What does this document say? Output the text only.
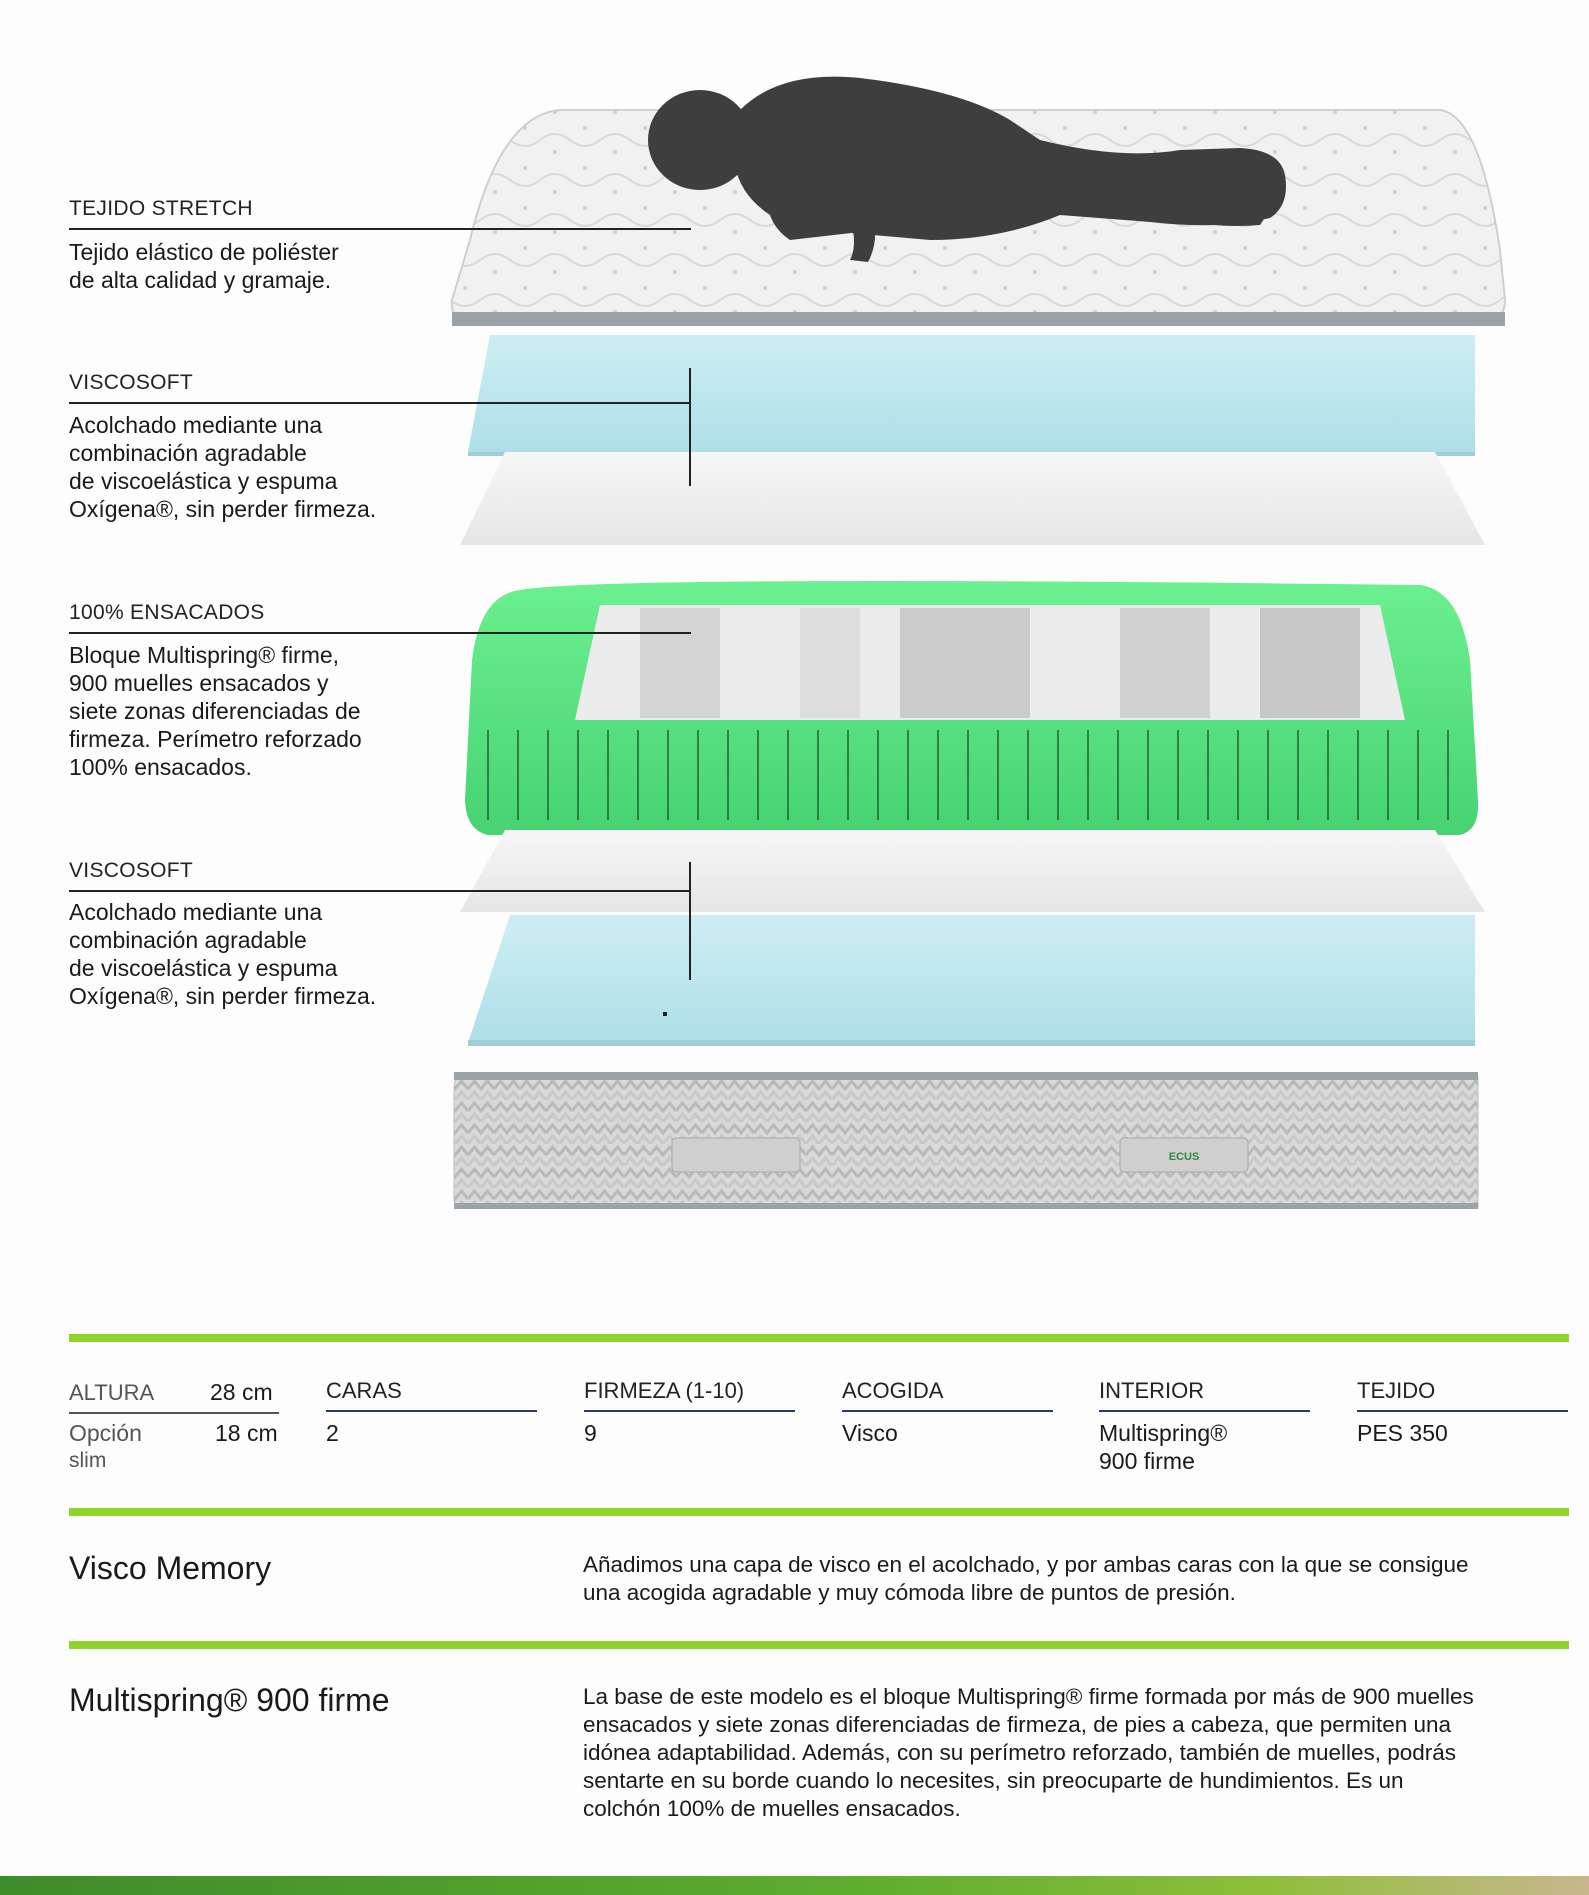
ECUS
TEJIDO STRETCH
Tejido elástico de poliéster
de alta calidad y gramaje.
VISCOSOFT
Acolchado mediante una
combinación agradable
de viscoelástica y espuma
Oxígena®, sin perder firmeza.
100% ENSACADOS
Bloque Multispring® firme,
900 muelles ensacados y
siete zonas diferenciadas de
firmeza. Perímetro reforzado
100% ensacados.
VISCOSOFT
Acolchado mediante una
combinación agradable
de viscoelástica y espuma
Oxígena®, sin perder firmeza.
ALTURA 28 cm
Opción
slim
18 cm
CARAS
2
FIRMEZA (1-10)
9
ACOGIDA
Visco
INTERIOR
Multispring®
900 firme
TEJIDO
PES 350
Visco Memory	Añadimos una capa de visco en el acolchado, y por ambas caras con la que se consigue
una acogida agradable y muy cómoda libre de puntos de presión.
Multispring® 900 firme	La base de este modelo es el bloque Multispring® firme formada por más de 900 muelles
ensacados y siete zonas diferenciadas de firmeza, de pies a cabeza, que permiten una
idónea adaptabilidad. Además, con su perímetro reforzado, también de muelles, podrás
sentarte en su borde cuando lo necesites, sin preocuparte de hundimientos. Es un
colchón 100% de muelles ensacados.
